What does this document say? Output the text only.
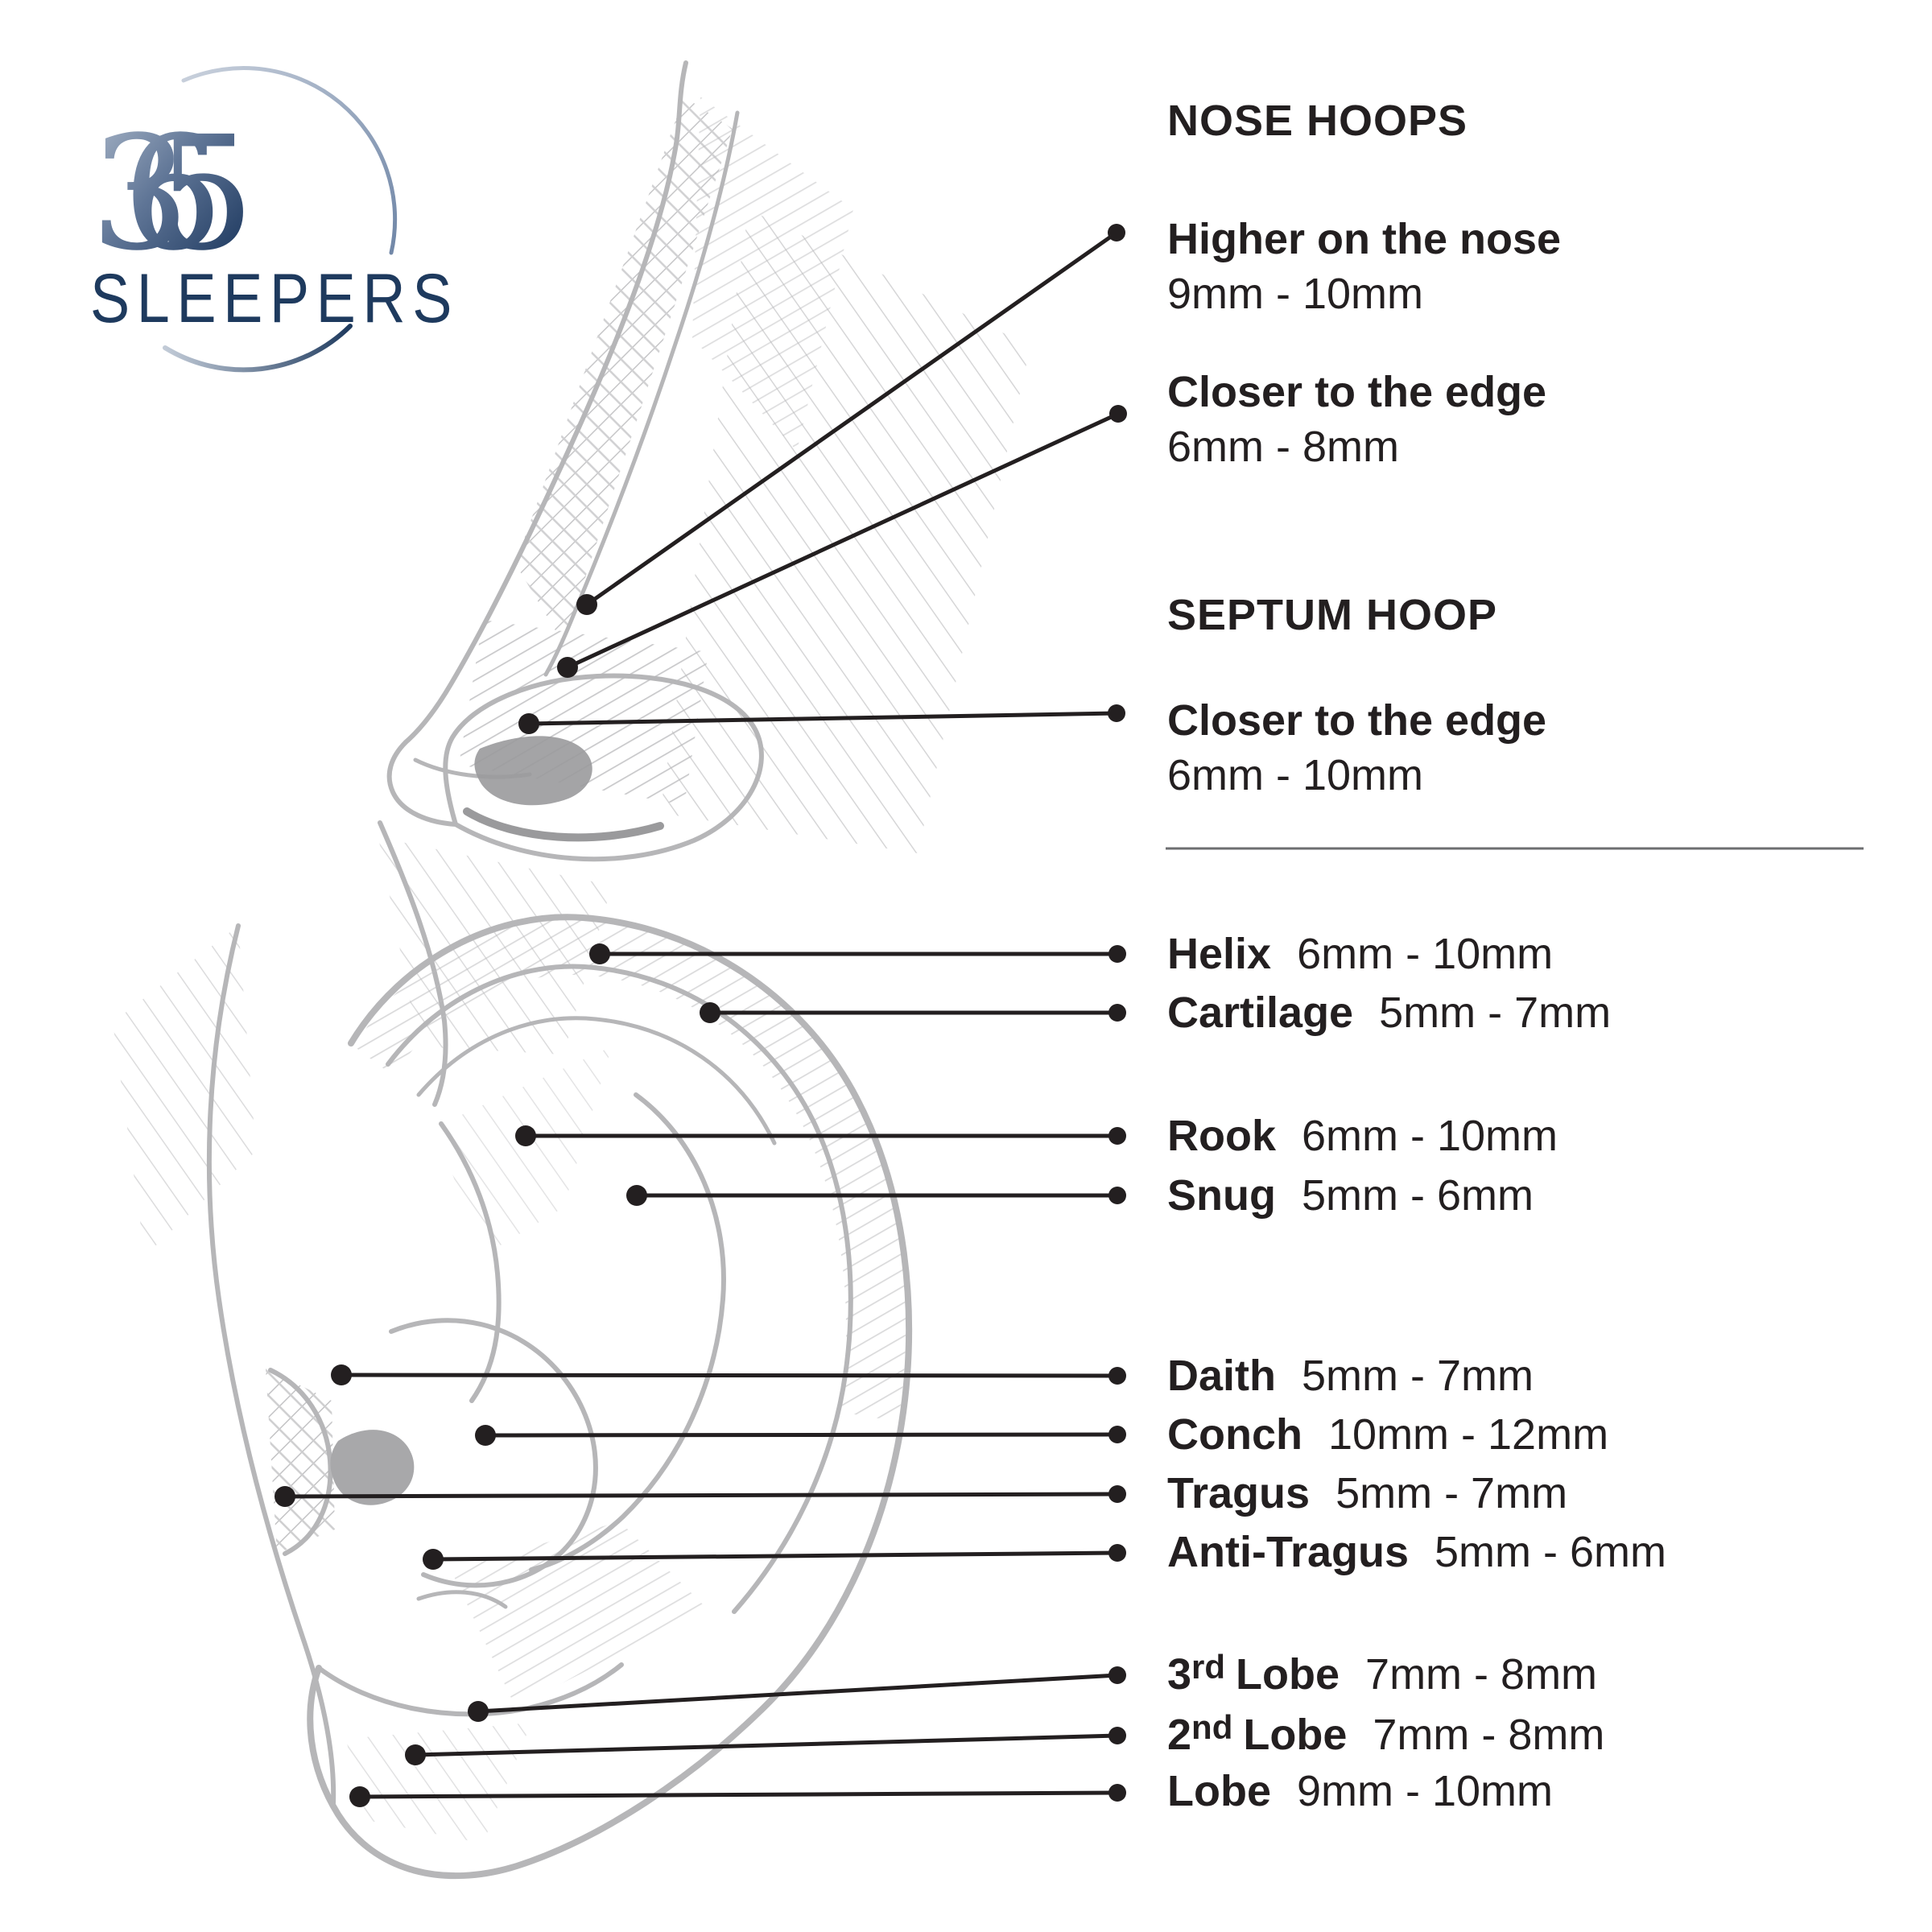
365
SLEEPERS
NOSE HOOPS
Higher on the nose
9mm - 10mm
Closer to the edge
6mm - 8mm
SEPTUM HOOP
Closer to the edge
6mm - 10mm
Helix 6mm - 10mm
Cartilage 5mm - 7mm
Rook 6mm - 10mm
Snug 5mm - 6mm
Daith 5mm - 7mm
Conch 10mm - 12mm
Tragus 5mm - 7mm
Anti-Tragus 5mm - 6mm
3rd Lobe 7mm - 8mm
2nd Lobe 7mm - 8mm
Lobe 9mm - 10mm
